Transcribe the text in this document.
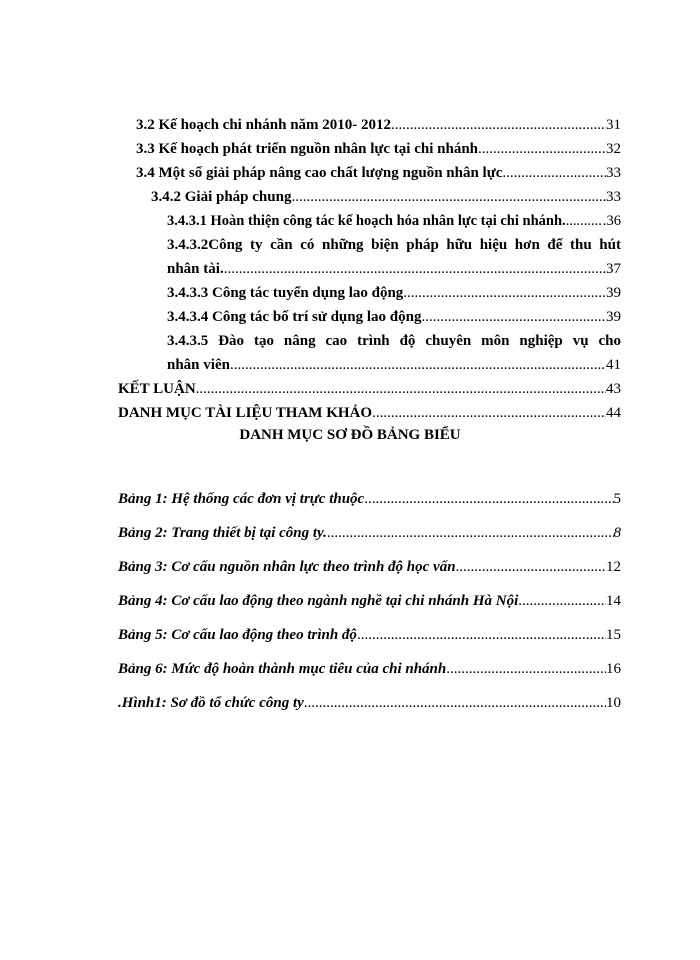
3.2 Kế hoạch chi nhánh năm 2010- 2012 .....	31
3.3 Kế hoạch phát triển nguồn nhân lực tại chi nhánh .....	32
3.4 Một số giải pháp nâng cao chất lượng nguồn nhân lực .....	33
3.4.2 Giải pháp chung .....	33
3.4.3.1 Hoàn thiện công tác kế hoạch hóa nhân lực tại chi nhánh. .....	.36
3.4.3.2Công ty cần có những biện pháp hữu hiệu hơn để thu hút
nhân tài. .....	37
3.4.3.3 Công tác tuyển dụng lao động .....	39
3.4.3.4 Công tác bố trí sử dụng lao động .....	39
3.4.3.5 Đào tạo nâng cao trình độ chuyên môn nghiệp vụ cho
nhân viên .....	41
KẾT LUẬN .....	43
DANH MỤC TÀI LIỆU THAM KHẢO .....	44
DANH MỤC SƠ ĐỒ BẢNG BIỂU
Bảng 1: Hệ thống các đơn vị trực thuộc .....	5
Bảng 2: Trang thiết bị tại công ty. .....	8
Bảng 3: Cơ cấu nguồn nhân lực theo trình độ học vấn .....	12
Bảng 4: Cơ cấu lao động theo ngành nghề tại chi nhánh Hà Nội .....	14
Bảng 5: Cơ cấu lao động theo trình độ .....	15
Bảng 6: Mức độ hoàn thành mục tiêu của chi nhánh .....	16
.Hình1: Sơ đồ tổ chức công ty .....	10
